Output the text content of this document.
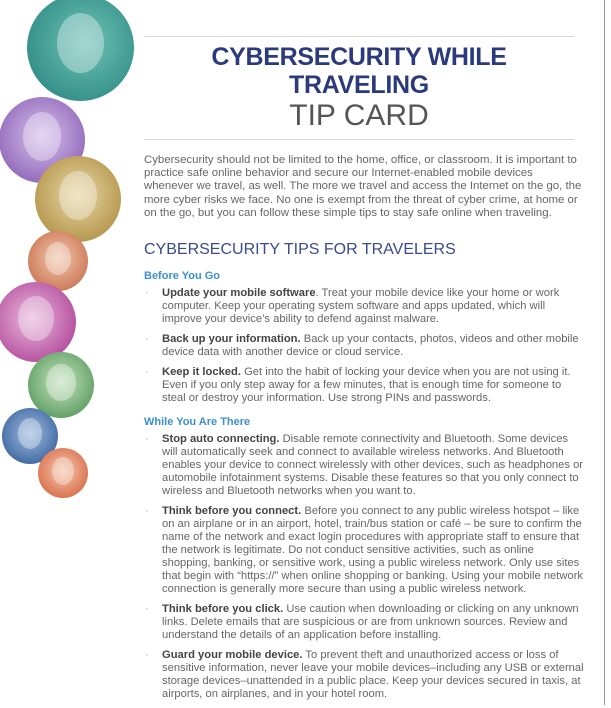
CYBERSECURITY WHILE TRAVELING
TIP CARD
Cybersecurity should not be limited to the home, office, or classroom. It is important to practice safe online behavior and secure our Internet-enabled mobile devices whenever we travel, as well. The more we travel and access the Internet on the go, the more cyber risks we face. No one is exempt from the threat of cyber crime, at home or on the go, but you can follow these simple tips to stay safe online when traveling.
CYBERSECURITY TIPS FOR TRAVELERS
Before You Go
· Update your mobile software. Treat your mobile device like your home or work computer. Keep your operating system software and apps updated, which will improve your device’s ability to defend against malware.
· Back up your information. Back up your contacts, photos, videos and other mobile device data with another device or cloud service.
· Keep it locked. Get into the habit of locking your device when you are not using it. Even if you only step away for a few minutes, that is enough time for someone to steal or destroy your information. Use strong PINs and passwords.
While You Are There
· Stop auto connecting. Disable remote connectivity and Bluetooth. Some devices will automatically seek and connect to available wireless networks. And Bluetooth enables your device to connect wirelessly with other devices, such as headphones or automobile infotainment systems. Disable these features so that you only connect to wireless and Bluetooth networks when you want to.
· Think before you connect. Before you connect to any public wireless hotspot – like on an airplane or in an airport, hotel, train/bus station or café – be sure to confirm the name of the network and exact login procedures with appropriate staff to ensure that the network is legitimate. Do not conduct sensitive activities, such as online shopping, banking, or sensitive work, using a public wireless network. Only use sites that begin with “https://” when online shopping or banking. Using your mobile network connection is generally more secure than using a public wireless network.
· Think before you click. Use caution when downloading or clicking on any unknown links. Delete emails that are suspicious or are from unknown sources. Review and understand the details of an application before installing.
· Guard your mobile device. To prevent theft and unauthorized access or loss of sensitive information, never leave your mobile devices–including any USB or external storage devices–unattended in a public place. Keep your devices secured in taxis, at airports, on airplanes, and in your hotel room.
